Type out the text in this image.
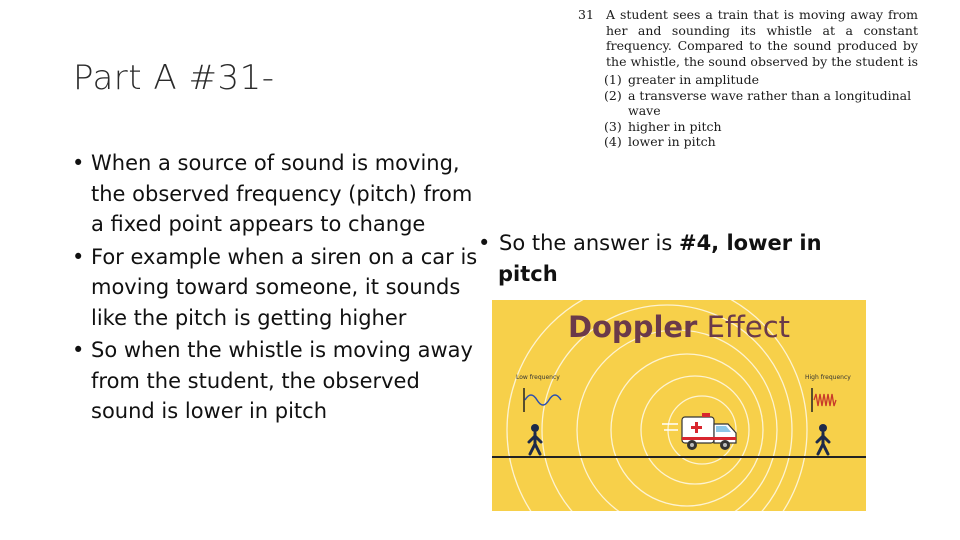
Part A #31-
• When a source of sound is moving, the observed frequency (pitch) from a fixed point appears to change
• For example when a siren on a car is moving toward someone, it sounds like the pitch is getting higher
• So when the whistle is moving away from the student, the observed sound is lower in pitch
31 A student sees a train that is moving away from her and sounding its whistle at a constant frequency. Compared to the sound produced by the whistle, the sound observed by the student is
(1) greater in amplitude
(2) a transverse wave rather than a longitudinal wave
(3) higher in pitch
(4) lower in pitch
• So the answer is #4, lower in
pitch
Doppler Effect
Low frequency	High frequency
